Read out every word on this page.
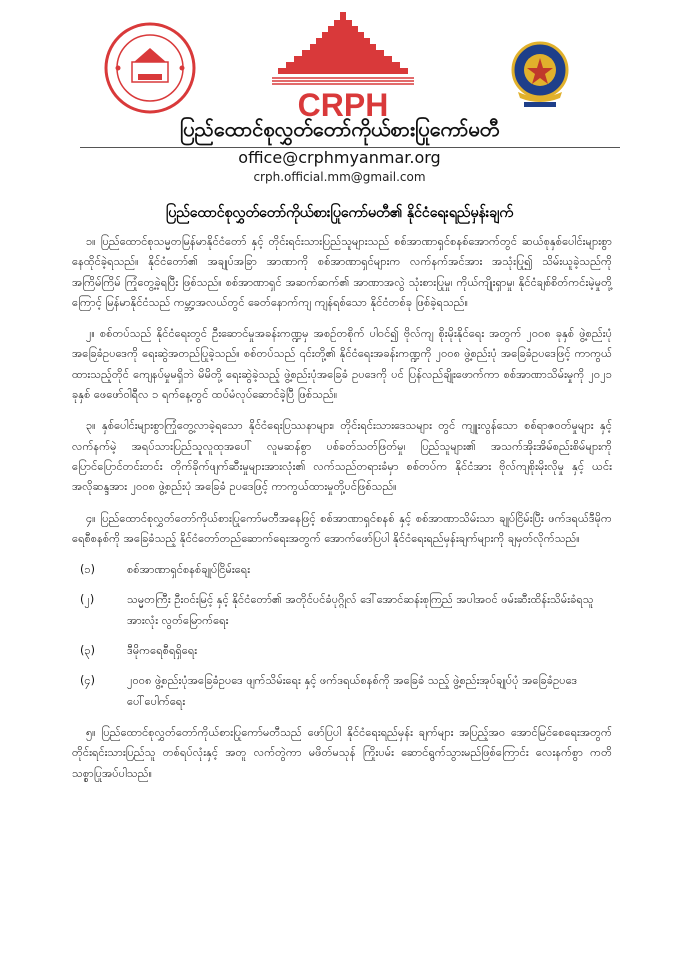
CRPH
ပြည်ထောင်စုလွှတ်တော်ကိုယ်စားပြုကော်မတီ
office@crphmyanmar.org
crph.official.mm@gmail.com
ပြည်ထောင်စုလွှတ်တော်ကိုယ်စားပြုကော်မတီ၏ နိုင်ငံရေးရည်မှန်းချက်

၁။ ပြည်ထောင်စုသမ္မတမြန်မာနိုင်ငံတော် နှင့် တိုင်းရင်းသားပြည်သူများသည် စစ်အာဏာရှင်စနစ်အောက်တွင် ဆယ်စုနှစ်ပေါင်းများစွာ နေထိုင်ခဲ့ရသည်။ နိုင်ငံတော်၏ အချုပ်အခြာ အာဏာကို စစ်အာဏာရှင်များက လက်နက်အင်အား အသုံးပြု၍ သိမ်းယူခဲ့သည်ကို အကြိမ်ကြိမ် ကြုံတွေ့ခဲ့ရပြီး ဖြစ်သည်။ စစ်အာဏာရှင် အဆက်ဆက်၏ အာဏာအလွဲ သုံးစားပြုမှု၊ ကိုယ်ကျိုးရှာမှု၊ နိုင်ငံချစ်စိတ်ကင်းမဲ့မှုတို့ကြောင့် မြန်မာနိုင်ငံသည် ကမ္ဘာ့အလယ်တွင် ခေတ်နောက်ကျ ကျန်ရစ်သော နိုင်ငံတစ်ခု ဖြစ်ခဲ့ရသည်။

၂။ စစ်တပ်သည် နိုင်ငံရေးတွင် ဦးဆောင်မှုအခန်းကဏ္ဍမှ အစဉ်တစိုက် ပါဝင်၍ ဗိုလ်ကျ စိုးမိုးနိုင်ရေး အတွက် ၂၀၀၈ ခုနှစ် ဖွဲ့စည်းပုံအခြေခံဥပဒေကို ရေးဆွဲအတည်ပြုခဲ့သည်။ စစ်တပ်သည် ၎င်းတို့၏ နိုင်ငံရေးအခန်းကဏ္ဍကို ၂၀၀၈ ဖွဲ့စည်းပုံ အခြေခံဥပဒေဖြင့် ကာကွယ်ထားသည့်တိုင် ကျေနပ်မှုမရှိဘဲ မိမိတို့ ရေးဆွဲခဲ့သည့် ဖွဲ့စည်းပုံအခြေခံ ဥပဒေကို ပင် ပြန်လည်ချိုးဖောက်ကာ စစ်အာဏာသိမ်းမှုကို ၂၀၂၁ ခုနှစ် ဖေဖော်ဝါရီလ ၁ ရက်နေ့တွင် ထပ်မံလုပ်ဆောင်ခဲ့ပြီ ဖြစ်သည်။

၃။ နှစ်ပေါင်းများစွာကြုံတွေ့လာခဲ့ရသော နိုင်ငံရေးပြဿနာများ၊ တိုင်းရင်းသားဒေသများ တွင် ကျူးလွန်သော စစ်ရာဇဝတ်မှုများ နှင့် လက်နက်မဲ့ အရပ်သားပြည်သူလူထုအပေါ် လူမဆန်စွာ ပစ်ခတ်သတ်ဖြတ်မှု၊ ပြည်သူများ၏ အသက်အိုးအိမ်စည်းစိမ်များကို ပြောင်ပြောင်တင်းတင်း တိုက်ခိုက်ဖျက်ဆီးမှုများအားလုံး၏ လက်သည်တရားခံမှာ စစ်တပ်က နိုင်ငံအား ဗိုလ်ကျစိုးမိုးလိုမှု နှင့် ယင်းအလိုဆန္ဒအား ၂၀၀၈ ဖွဲ့စည်းပုံ အခြေခံ ဥပဒေဖြင့် ကာကွယ်ထားမှုတို့ပင်ဖြစ်သည်။

၄။ ပြည်ထောင်စုလွှတ်တော်ကိုယ်စားပြုကော်မတီအနေဖြင့် စစ်အာဏာရှင်စနစ် နှင့် စစ်အာဏာသိမ်းသာ ချုပ်ငြိမ်းပြီး ဖက်ဒရယ်ဒီမိုကရေစီစနစ်ကို အခြေခံသည့် နိုင်ငံတော်တည်ဆောက်ရေးအတွက် အောက်ဖော်ပြပါ နိုင်ငံရေးရည်မှန်းချက်များကို ချမှတ်လိုက်သည်။

(၁)	စစ်အာဏာရှင်စနစ်ချုပ်ငြိမ်းရေး
(၂)	သမ္မတကြီး ဦးဝင်းမြင့် နှင့် နိုင်ငံတော်၏ အတိုင်ပင်ခံပုဂ္ဂိုလ် ဒေါ်အောင်ဆန်းစုကြည် အပါအဝင် ဖမ်းဆီးထိန်းသိမ်းခံရသူအားလုံး လွတ်မြောက်ရေး
(၃)	ဒီမိုကရေစီရရှိရေး
(၄)	၂၀၀၈ ဖွဲ့စည်းပုံအခြေခံဥပဒေ ဖျက်သိမ်းရေး နှင့် ဖက်ဒရယ်စနစ်ကို အခြေခံ သည့် ဖွဲ့စည်းအုပ်ချုပ်ပုံ အခြေခံဥပဒေ ပေါ်ပေါက်ရေး

၅။ ပြည်ထောင်စုလွှတ်တော်ကိုယ်စားပြုကော်မတီသည် ဖော်ပြပါ နိုင်ငံရေးရည်မှန်း ချက်များ အပြည့်အဝ အောင်မြင်စေရေးအတွက် တိုင်းရင်းသားပြည်သူ တစ်ရပ်လုံးနှင့် အတူ လက်တွဲကာ မဖိတ်မသုန် ကြိုးပမ်း ဆောင်ရွက်သွားမည်ဖြစ်ကြောင်း လေးနက်စွာ ကတိသစ္စာပြုအပ်ပါသည်။
